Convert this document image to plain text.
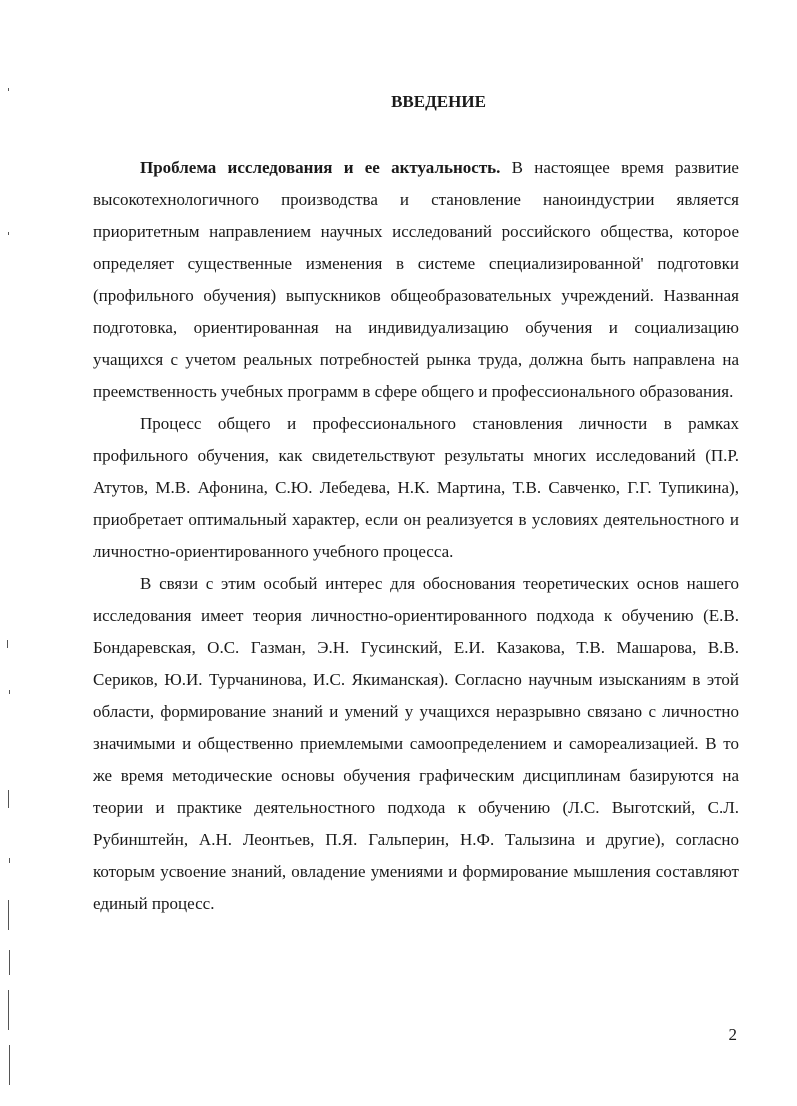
ВВЕДЕНИЕ

Проблема исследования и ее актуальность. В настоящее время развитие высокотехнологичного производства и становление наноиндустрии является приоритетным направлением научных исследований российского общества, которое определяет существенные изменения в системе специализированной' подготовки (профильного обучения) выпускников общеобразовательных учреждений. Названная подготовка, ориентированная на индивидуализацию обучения и социализацию учащихся с учетом реальных потребностей рынка труда, должна быть направлена на преемственность учебных программ в сфере общего и профессионального образования.

Процесс общего и профессионального становления личности в рамках профильного обучения, как свидетельствуют результаты многих исследований (П.Р. Атутов, М.В. Афонина, С.Ю. Лебедева, Н.К. Мартина, Т.В. Савченко, Г.Г. Тупикина), приобретает оптимальный характер, если он реализуется в условиях деятельностного и личностно-ориентированного учебного процесса.

В связи с этим особый интерес для обоснования теоретических основ нашего исследования имеет теория личностно-ориентированного подхода к обучению (Е.В. Бондаревская, О.С. Газман, Э.Н. Гусинский, Е.И. Казакова, Т.В. Машарова, В.В. Сериков, Ю.И. Турчанинова, И.С. Якиманская). Согласно научным изысканиям в этой области, формирование знаний и умений у учащихся неразрывно связано с личностно значимыми и общественно приемлемыми самоопределением и самореализацией. В то же время методические основы обучения графическим дисциплинам базируются на теории и практике деятельностного подхода к обучению (Л.С. Выготский, С.Л. Рубинштейн, А.Н. Леонтьев, П.Я. Гальперин, Н.Ф. Талызина и другие), согласно которым усвоение знаний, овладение умениями и формирование мышления составляют единый процесс.

2
